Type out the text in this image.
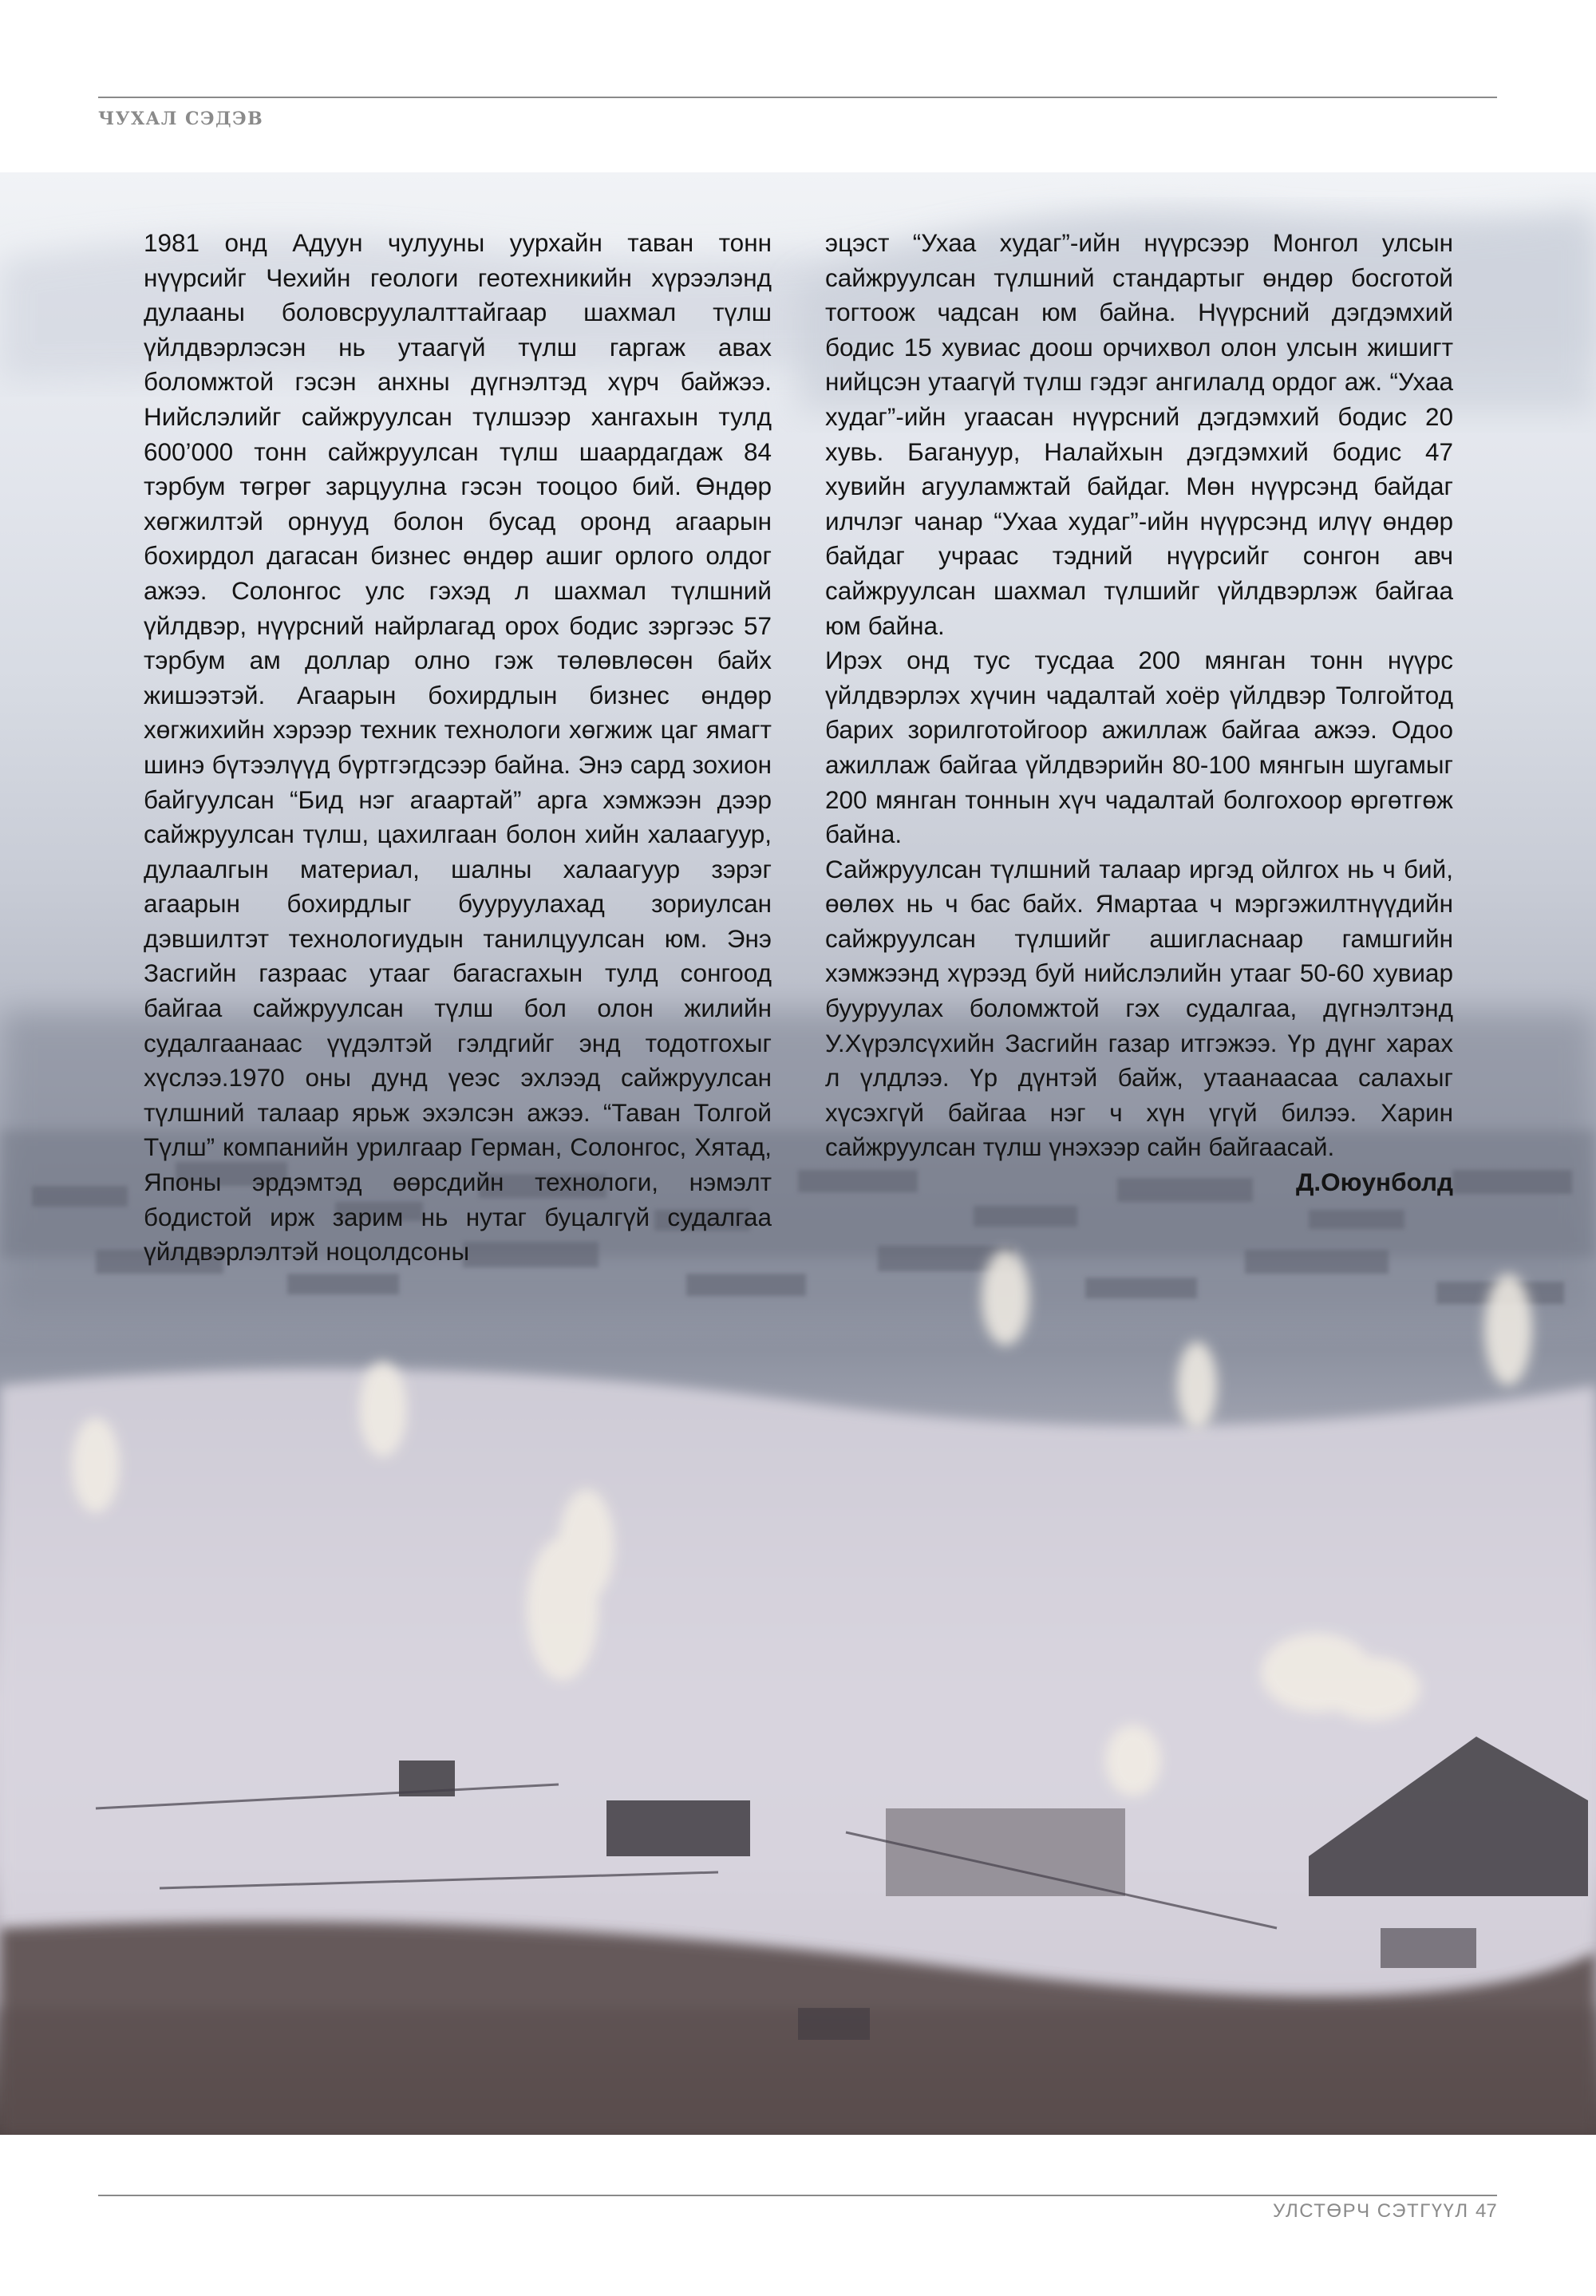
ЧУХАЛ СЭДЭВ

1981 онд Адуун чулууны уурхайн таван тонн нүүрсийг Чехийн геологи геотехникийн хүрээлэнд дулааны боловсруулалттайгаар шахмал түлш үйлдвэрлэсэн нь утаагүй түлш гаргаж авах боломжтой гэсэн анхны дүгнэлтэд хүрч байжээ. Нийслэлийг сайжруулсан түлшээр хангахын тулд 600’000 тонн сайжруулсан түлш шаардагдаж 84 тэрбум төгрөг зарцуулна гэсэн тооцоо бий. Өндөр хөгжилтэй орнууд болон бусад оронд агаарын бохирдол дагасан бизнес өндөр ашиг орлого олдог ажээ. Солонгос улс гэхэд л шахмал түлшний үйлдвэр, нүүрсний найрлагад орох бодис зэргээс 57 тэрбум ам доллар олно гэж төлөвлөсөн байх жишээтэй. Агаарын бохирдлын бизнес өндөр хөгжихийн хэрээр техник технологи хөгжиж цаг ямагт шинэ бүтээлүүд бүртгэгдсээр байна. Энэ сард зохион байгуулсан “Бид нэг агаартай” арга хэмжээн дээр сайжруулсан түлш, цахилгаан болон хийн халаагуур, дулаалгын материал, шалны халаагуур зэрэг агаарын бохирдлыг бууруулахад зориулсан дэвшилтэт технологиудын танилцуулсан юм. Энэ Засгийн газраас утааг багасгахын тулд сонгоод байгаа сайжруулсан түлш бол олон жилийн судалгаанаас үүдэлтэй гэлдгийг энд тодотгохыг хүслээ.1970 оны дунд үеэс эхлээд сайжруулсан түлшний талаар ярьж эхэлсэн ажээ. “Таван Толгой Түлш” компанийн урилгаар Герман, Солонгос, Хятад, Японы эрдэмтэд өөрсдийн технологи, нэмэлт бодистой ирж зарим нь нутаг буцалгүй судалгаа үйлдвэрлэлтэй ноцолдсоны

эцэст “Ухаа худаг”-ийн нүүрсээр Монгол улсын сайжруулсан түлшний стандартыг өндөр босготой тогтоож чадсан юм байна. Нүүрсний дэгдэмхий бодис 15 хувиас доош орчихвол олон улсын жишигт нийцсэн утаагүй түлш гэдэг ангилалд ордог аж. “Ухаа худаг”-ийн угаасан нүүрсний дэгдэмхий бодис 20 хувь. Багануур, Налайхын дэгдэмхий бодис 47 хувийн агууламжтай байдаг. Мөн нүүрсэнд байдаг илчлэг чанар “Ухаа худаг”-ийн нүүрсэнд илүү өндөр байдаг учраас тэдний нүүрсийг сонгон авч сайжруулсан шахмал түлшийг үйлдвэрлэж байгаа юм байна.

Ирэх онд тус тусдаа 200 мянган тонн нүүрс үйлдвэрлэх хүчин чадалтай хоёр үйлдвэр Толгойтод барих зорилготойгоор ажиллаж байгаа ажээ. Одоо ажиллаж байгаа үйлдвэрийн 80-100 мянгын шугамыг 200 мянган тоннын хүч чадалтай болгохоор өргөтгөж байна.

Сайжруулсан түлшний талаар иргэд ойлгох нь ч бий, өөлөх нь ч бас байх. Ямартаа ч мэргэжилтнүүдийн сайжруулсан түлшийг ашигласнаар гамшгийн хэмжээнд хүрээд буй нийслэлийн утааг 50-60 хувиар бууруулах боломжтой гэх судалгаа, дүгнэлтэнд У.Хүрэлсүхийн Засгийн газар итгэжээ. Үр дүнг харах л үлдлээ. Үр дүнтэй байж, утаанаасаа салахыг хүсэхгүй байгаа нэг ч хүн үгүй билээ. Харин сайжруулсан түлш үнэхээр сайн байгаасай.

Д.Оюунболд

УЛСТӨРЧ СЭТГҮҮЛ 47
